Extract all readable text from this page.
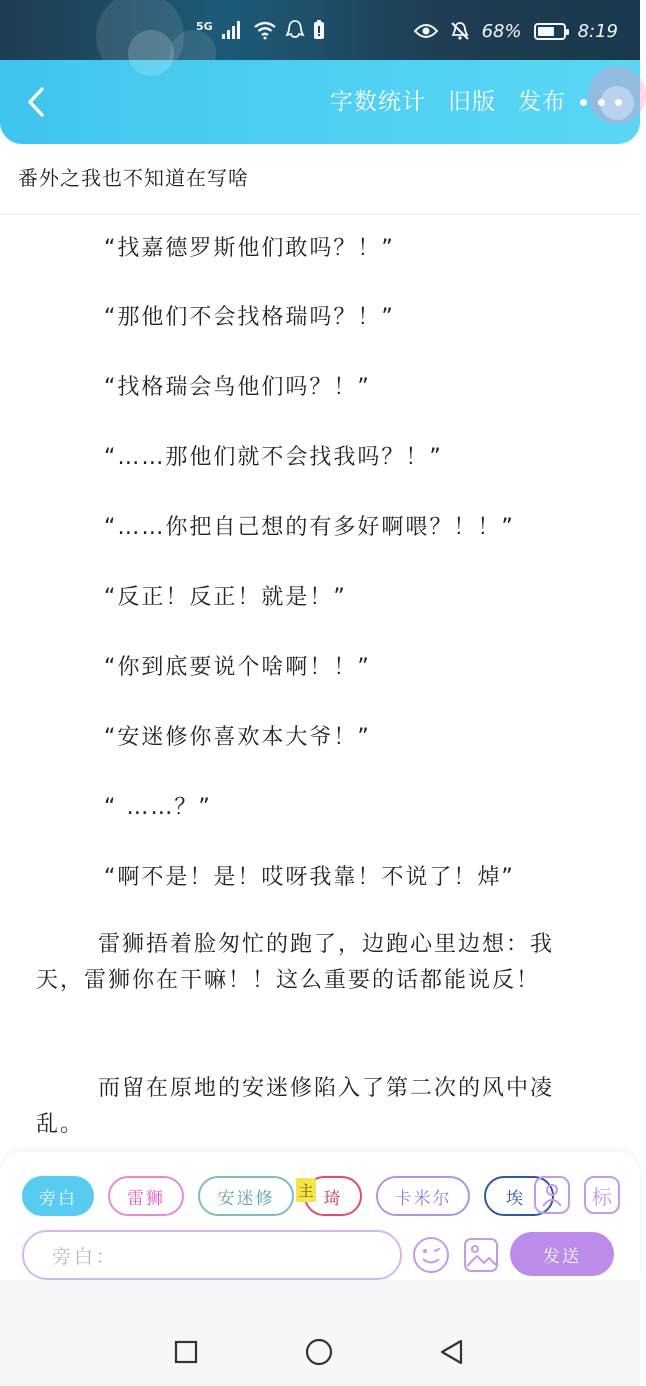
5G	68%	8:19
字数统计 旧版 发布
番外之我也不知道在写啥
“找嘉德罗斯他们敢吗？！”
“那他们不会找格瑞吗？！”
“找格瑞会鸟他们吗？！”
“……那他们就不会找我吗？！”
“……你把自己想的有多好啊喂？！！”
“反正！反正！就是！”
“你到底要说个啥啊！！”
“安迷修你喜欢本大爷！”
“ ……？”
“啊不是！是！哎呀我靠！不说了！焯”
雷狮捂着脸匆忙的跑了，边跑心里边想：我天，雷狮你在干嘛！！这么重要的话都能说反！
而留在原地的安迷修陷入了第二次的风中凌乱。
旁白	雷狮	安迷修	琦	卡米尔	埃
主	标
旁白：	发送
